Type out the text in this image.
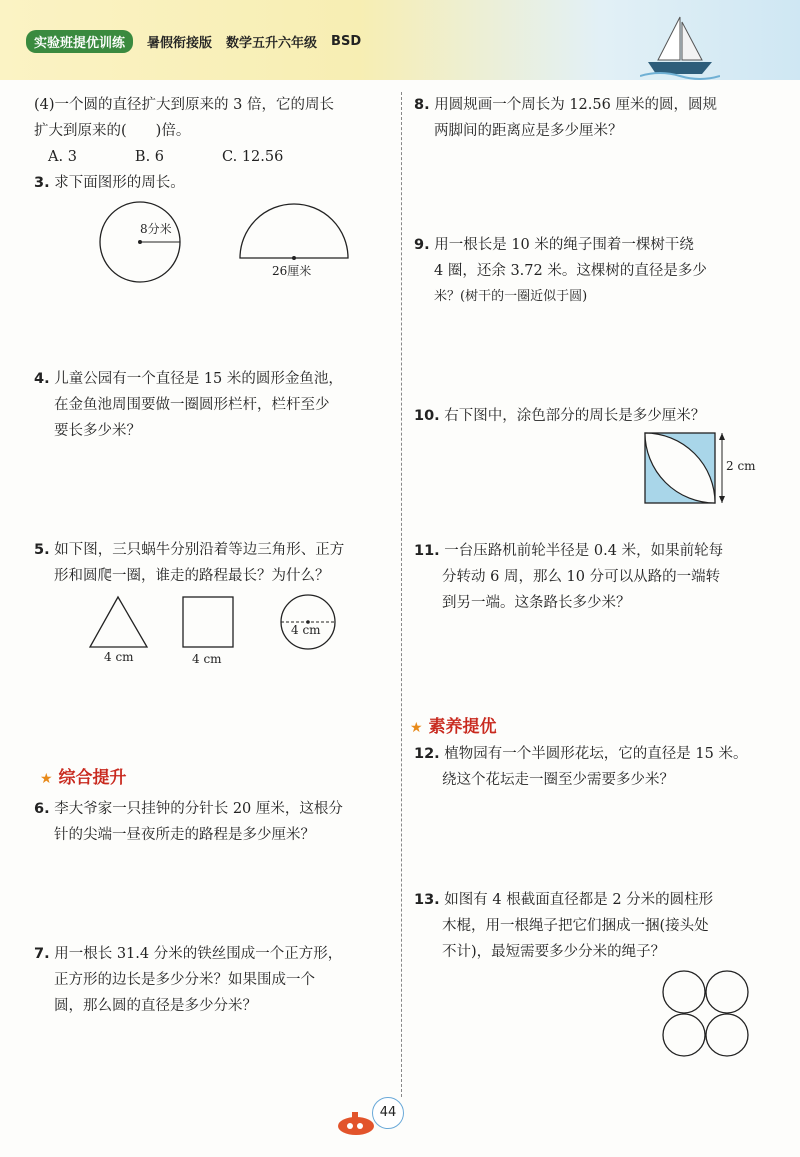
实验班提优训练	暑假衔接版 数学五升六年级 BSD
(4)一个圆的直径扩大到原来的 3 倍，它的周长
扩大到原来的(　　)倍。
A. 3	B. 6	C. 12.56
3. 求下面图形的周长。
8分米
26厘米
4. 儿童公园有一个直径是 15 米的圆形金鱼池，
在金鱼池周围要做一圈圆形栏杆，栏杆至少
要长多少米？
5. 如下图，三只蜗牛分别沿着等边三角形、正方
形和圆爬一圈，谁走的路程最长？为什么？
4 cm	4 cm
4 cm
★ 综合提升
6. 李大爷家一只挂钟的分针长 20 厘米，这根分
针的尖端一昼夜所走的路程是多少厘米？
7. 用一根长 31.4 分米的铁丝围成一个正方形，
正方形的边长是多少分米？如果围成一个
圆，那么圆的直径是多少分米？
8. 用圆规画一个周长为 12.56 厘米的圆，圆规
两脚间的距离应是多少厘米？
9. 用一根长是 10 米的绳子围着一棵树干绕
4 圈，还余 3.72 米。这棵树的直径是多少
米？(树干的一圈近似于圆)
10. 右下图中，涂色部分的周长是多少厘米？
2 cm
11. 一台压路机前轮半径是 0.4 米，如果前轮每
分转动 6 周，那么 10 分可以从路的一端转
到另一端。这条路长多少米？
★ 素养提优
12. 植物园有一个半圆形花坛，它的直径是 15 米。
绕这个花坛走一圈至少需要多少米？
13. 如图有 4 根截面直径都是 2 分米的圆柱形
木棍，用一根绳子把它们捆成一捆(接头处
不计)，最短需要多少分米的绳子？
44
